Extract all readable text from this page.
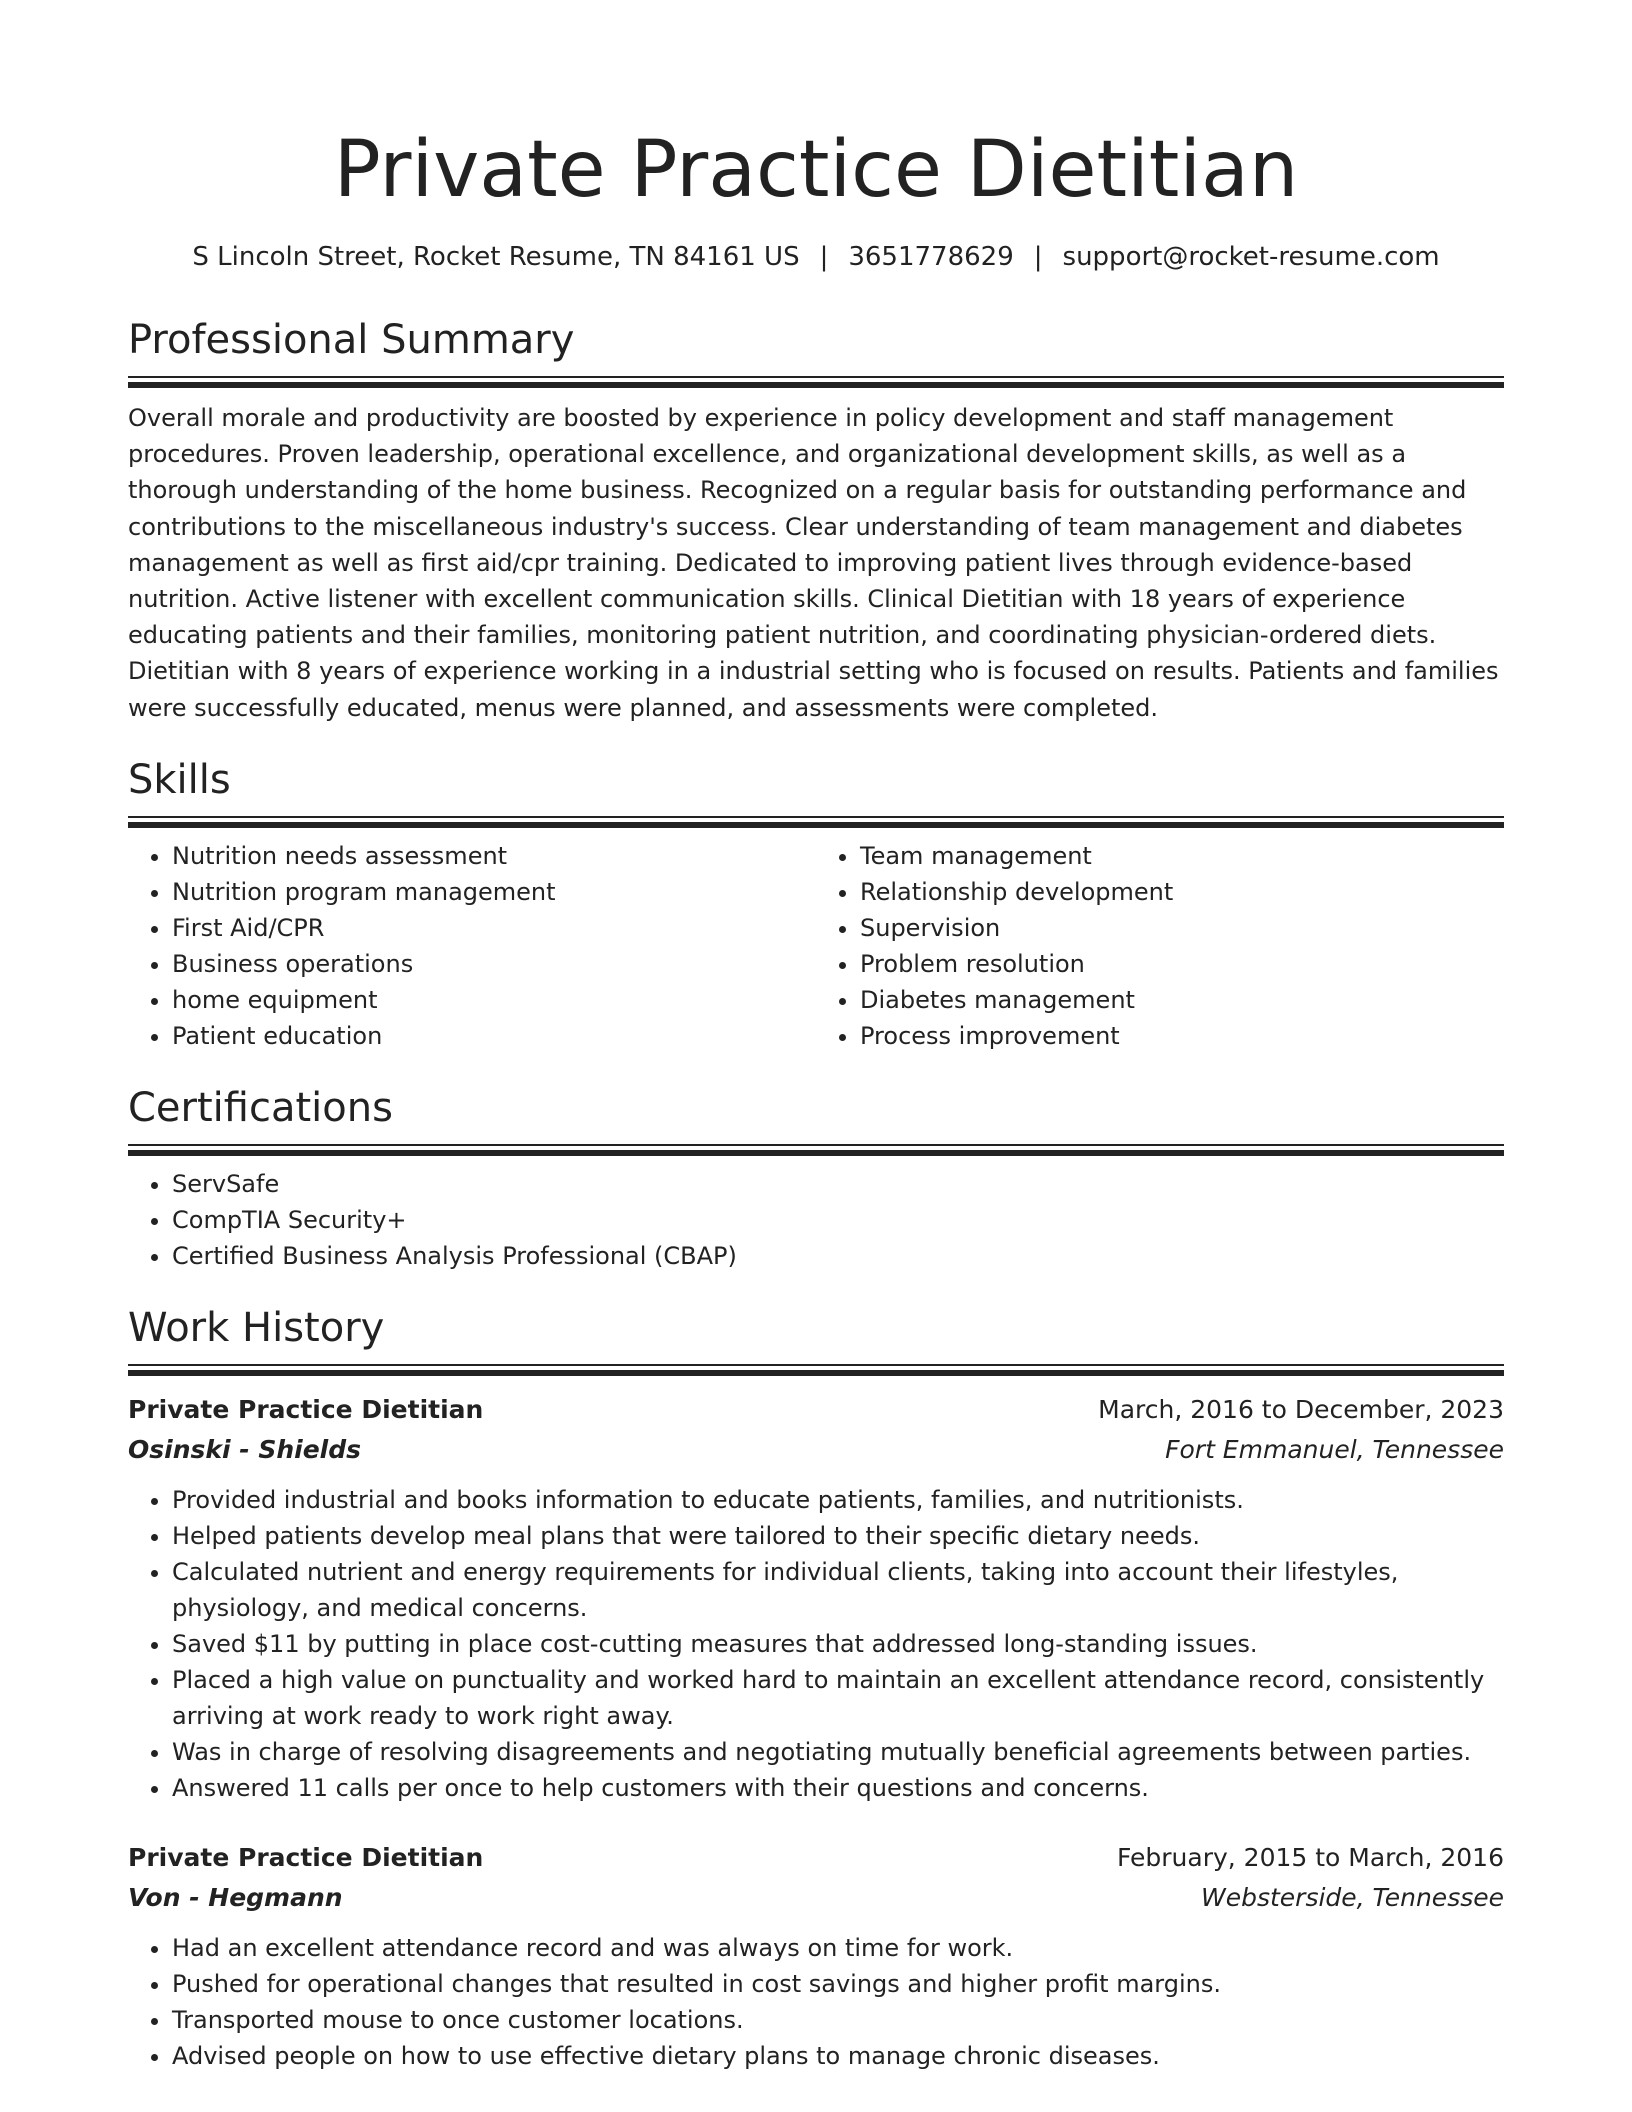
Private Practice Dietitian
S Lincoln Street, Rocket Resume, TN 84161 US | 3651778629 | support@rocket-resume.com
Professional Summary

Overall morale and productivity are boosted by experience in policy development and staff management procedures. Proven leadership, operational excellence, and organizational development skills, as well as a thorough understanding of the home business. Recognized on a regular basis for outstanding performance and contributions to the miscellaneous industry's success. Clear understanding of team management and diabetes management as well as first aid/cpr training. Dedicated to improving patient lives through evidence-based nutrition. Active listener with excellent communication skills. Clinical Dietitian with 18 years of experience educating patients and their families, monitoring patient nutrition, and coordinating physician-ordered diets. Dietitian with 8 years of experience working in a industrial setting who is focused on results. Patients and families were successfully educated, menus were planned, and assessments were completed.

Skills
• Nutrition needs assessment
• Nutrition program management
• First Aid/CPR
• Business operations
• home equipment
• Patient education
• Team management
• Relationship development
• Supervision
• Problem resolution
• Diabetes management
• Process improvement
Certifications
• ServSafe
• CompTIA Security+
• Certified Business Analysis Professional (CBAP)
Work History
Private Practice Dietitian	March, 2016 to December, 2023
Osinski - Shields	Fort Emmanuel, Tennessee
• Provided industrial and books information to educate patients, families, and nutritionists.
• Helped patients develop meal plans that were tailored to their specific dietary needs.
• Calculated nutrient and energy requirements for individual clients, taking into account their lifestyles, physiology, and medical concerns.
• Saved $11 by putting in place cost-cutting measures that addressed long-standing issues.
• Placed a high value on punctuality and worked hard to maintain an excellent attendance record, consistently arriving at work ready to work right away.
• Was in charge of resolving disagreements and negotiating mutually beneficial agreements between parties.
• Answered 11 calls per once to help customers with their questions and concerns.
Private Practice Dietitian	February, 2015 to March, 2016
Von - Hegmann	Websterside, Tennessee
• Had an excellent attendance record and was always on time for work.
• Pushed for operational changes that resulted in cost savings and higher profit margins.
• Transported mouse to once customer locations.
• Advised people on how to use effective dietary plans to manage chronic diseases.
